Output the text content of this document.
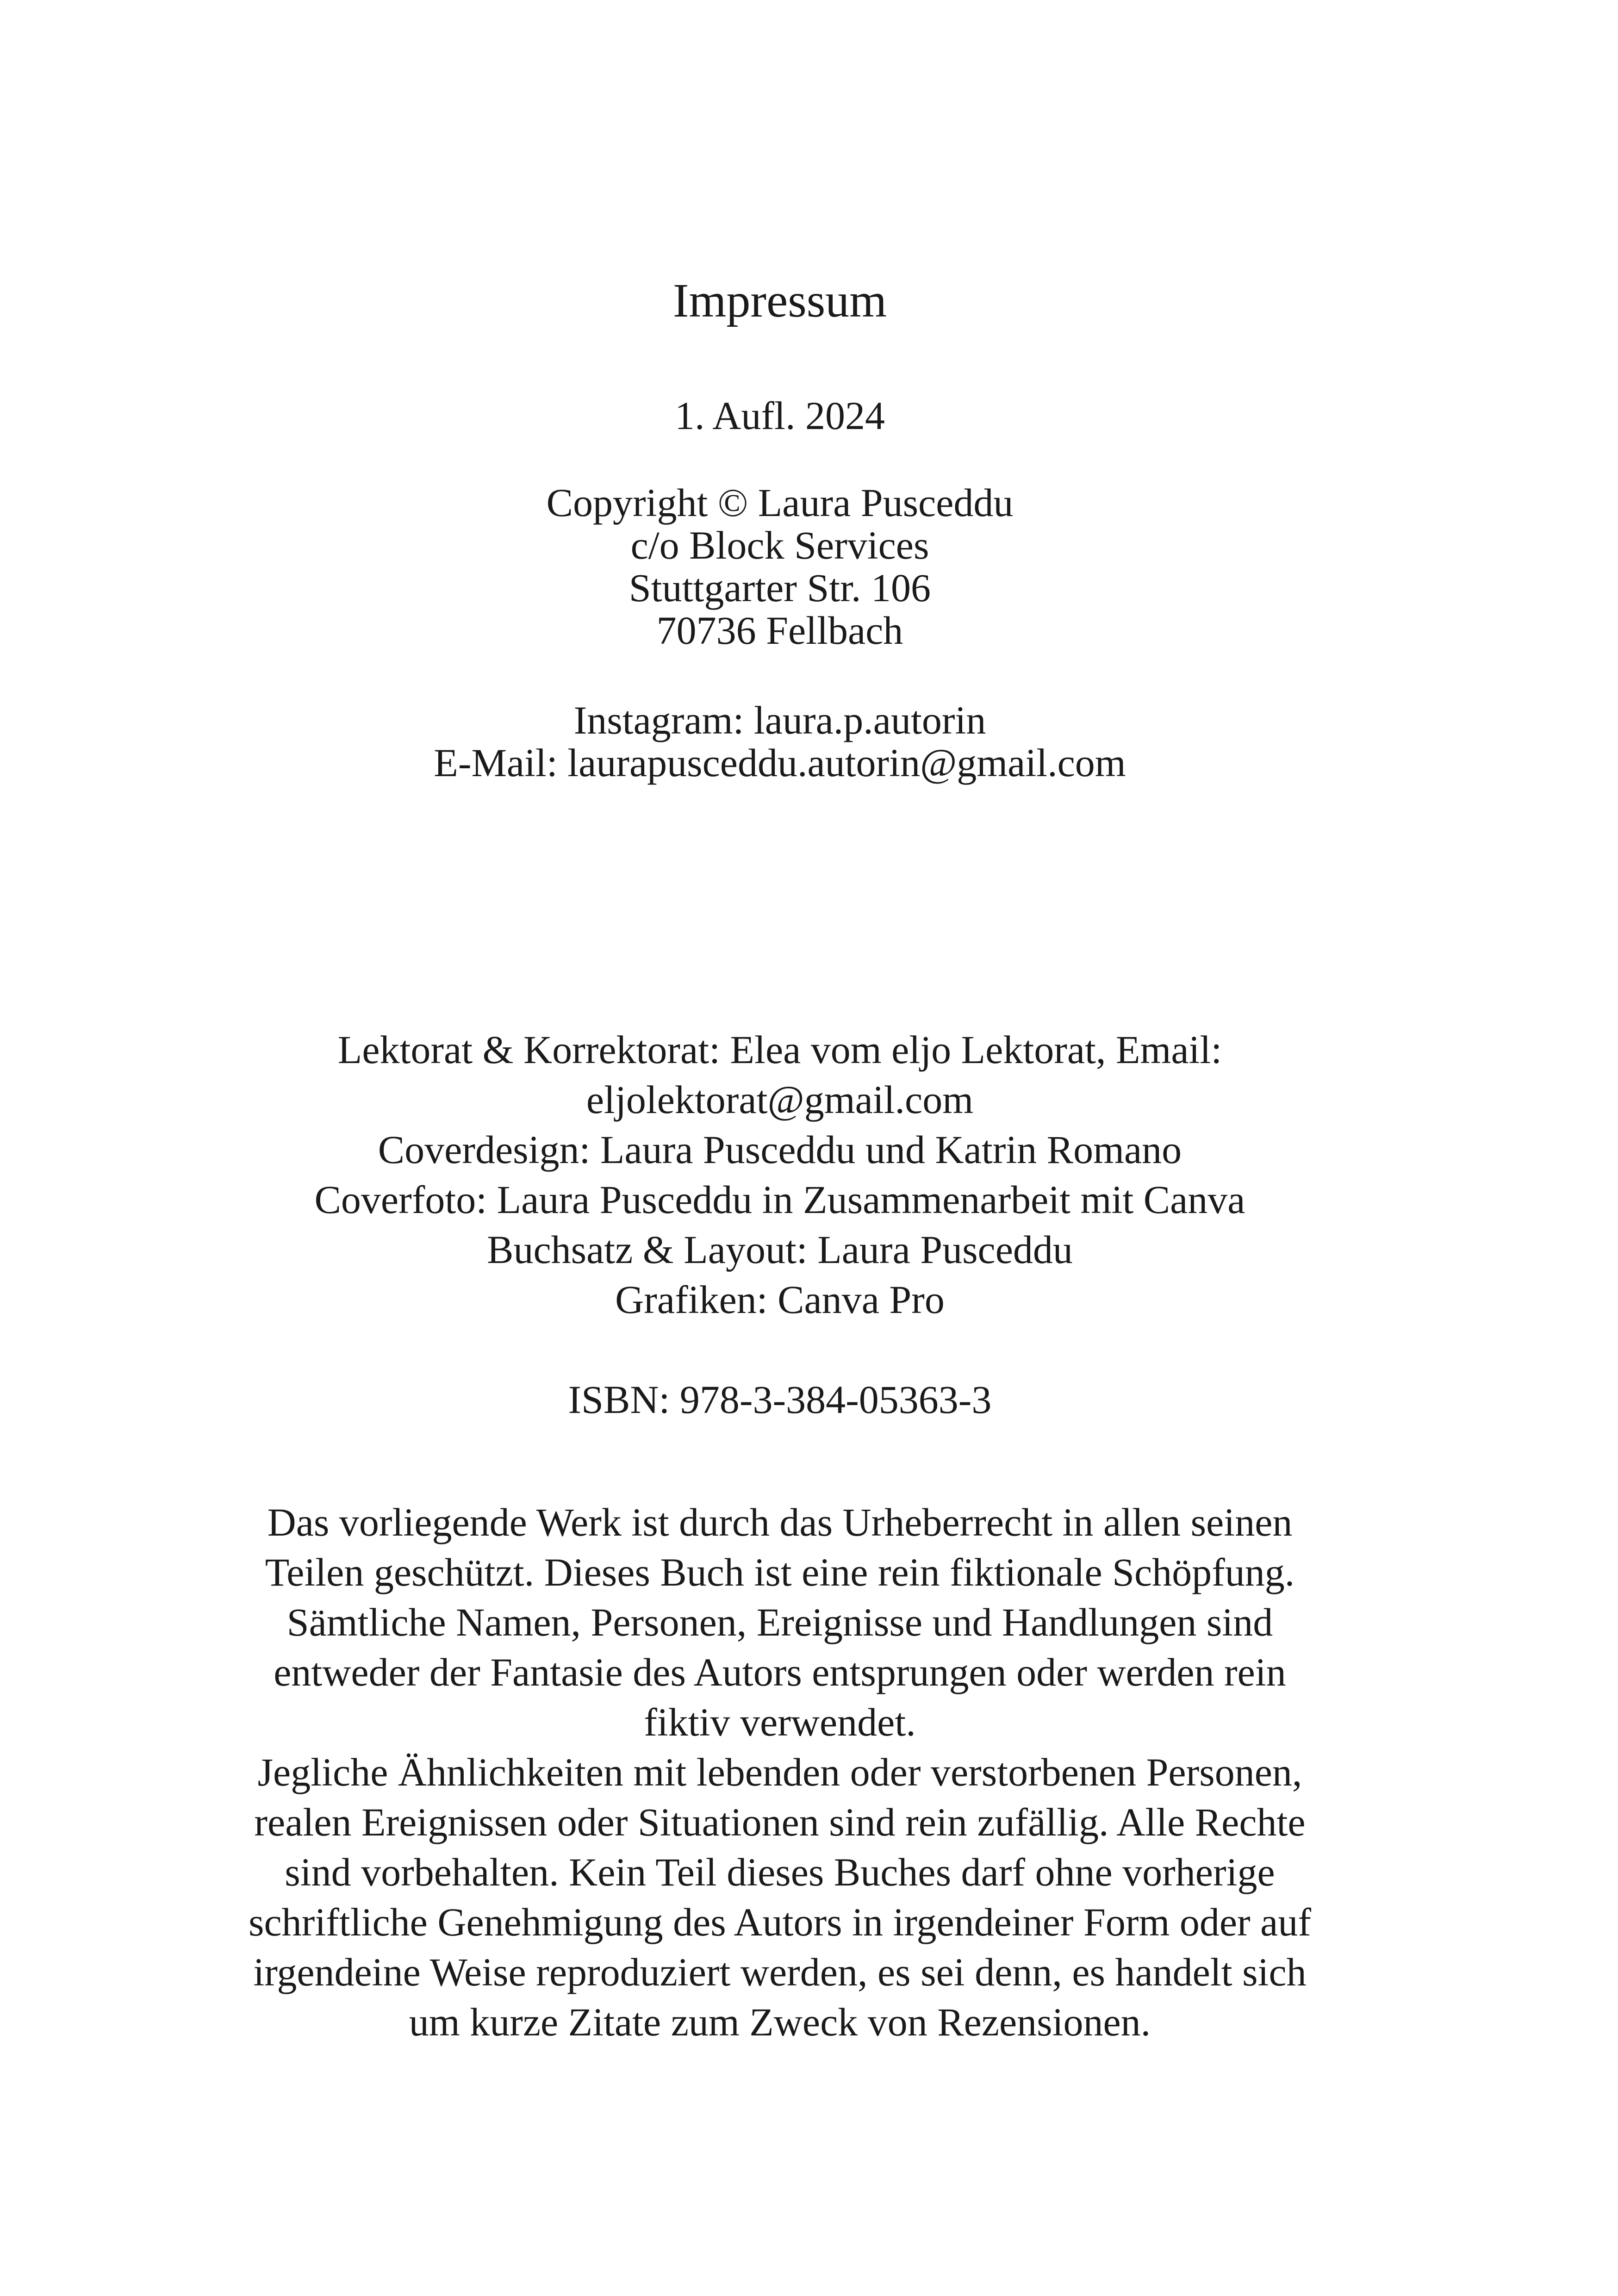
Impressum
1. Aufl. 2024
Copyright © Laura Pusceddu
c/o Block Services
Stuttgarter Str. 106
70736 Fellbach
Instagram: laura.p.autorin
E-Mail: laurapusceddu.autorin@gmail.com
Lektorat & Korrektorat: Elea vom eljo Lektorat, Email:
eljolektorat@gmail.com
Coverdesign: Laura Pusceddu und Katrin Romano
Coverfoto: Laura Pusceddu in Zusammenarbeit mit Canva
Buchsatz & Layout: Laura Pusceddu
Grafiken: Canva Pro
ISBN: 978-3-384-05363-3
Das vorliegende Werk ist durch das Urheberrecht in allen seinen
Teilen geschützt. Dieses Buch ist eine rein fiktionale Schöpfung.
Sämtliche Namen, Personen, Ereignisse und Handlungen sind
entweder der Fantasie des Autors entsprungen oder werden rein
fiktiv verwendet.
Jegliche Ähnlichkeiten mit lebenden oder verstorbenen Personen,
realen Ereignissen oder Situationen sind rein zufällig. Alle Rechte
sind vorbehalten. Kein Teil dieses Buches darf ohne vorherige
schriftliche Genehmigung des Autors in irgendeiner Form oder auf
irgendeine Weise reproduziert werden, es sei denn, es handelt sich
um kurze Zitate zum Zweck von Rezensionen.
